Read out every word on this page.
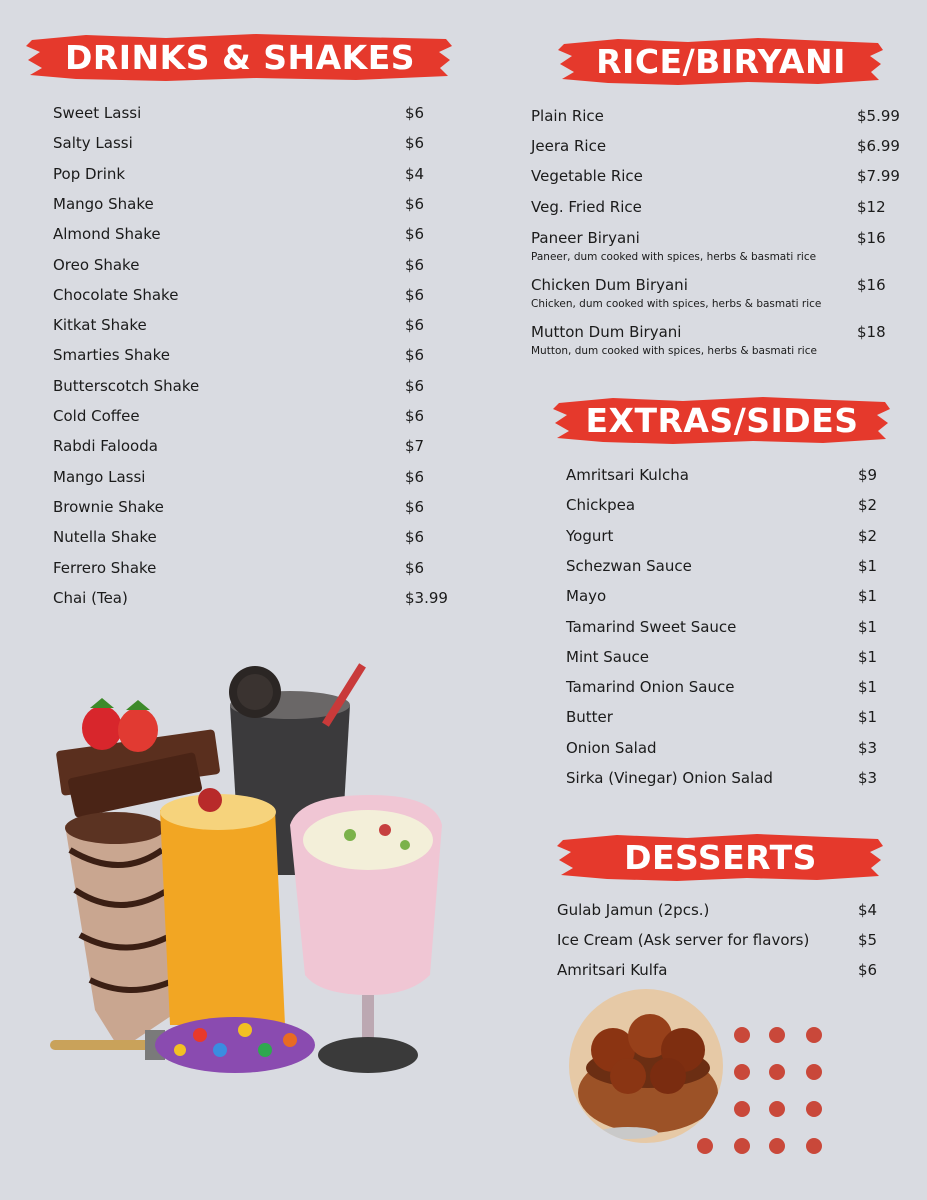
DRINKS & SHAKES	RICE/BIRYANI
EXTRAS/SIDES
DESSERTS
Sweet Lassi	$6
Salty Lassi	$6
Pop Drink	$4
Mango Shake	$6
Almond Shake	$6
Oreo Shake	$6
Chocolate Shake	$6
Kitkat Shake	$6
Smarties Shake	$6
Butterscotch Shake	$6
Cold Coffee	$6
Rabdi Falooda	$7
Mango Lassi	$6
Brownie Shake	$6
Nutella Shake	$6
Ferrero Shake	$6
Chai (Tea)	$3.99
Plain Rice	$5.99
Jeera Rice	$6.99
Vegetable Rice	$7.99
Veg. Fried Rice	$12
Paneer Biryani	$16
Paneer, dum cooked with spices, herbs & basmati rice
Chicken Dum Biryani	$16
Chicken, dum cooked with spices, herbs & basmati rice
Mutton Dum Biryani	$18
Mutton, dum cooked with spices, herbs & basmati rice
Amritsari Kulcha	$9
Chickpea	$2
Yogurt	$2
Schezwan Sauce	$1
Mayo	$1
Tamarind Sweet Sauce	$1
Mint Sauce	$1
Tamarind Onion Sauce	$1
Butter	$1
Onion Salad	$3
Sirka (Vinegar) Onion Salad	$3
Gulab Jamun (2pcs.)	$4
Ice Cream (Ask server for flavors)	$5
Amritsari Kulfa	$6
